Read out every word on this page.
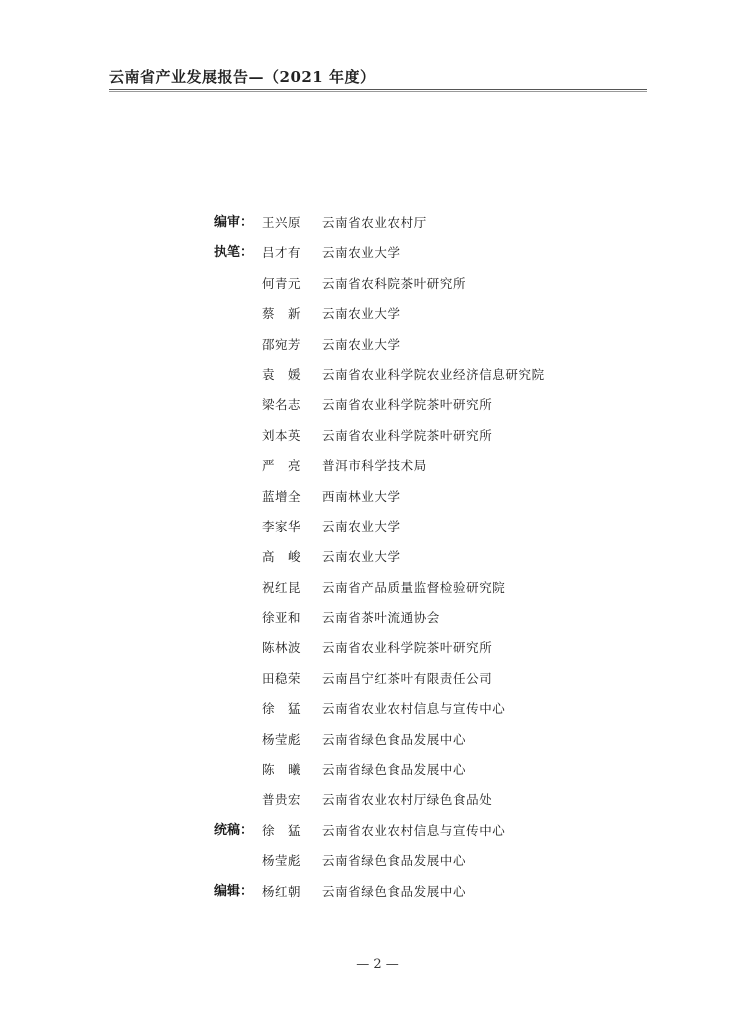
云南省产业发展报告—（2021 年度）
编审： 王兴原	云南省农业农村厅
执笔： 吕才有	云南农业大学
何青元	云南省农科院茶叶研究所
蔡　新	云南农业大学
邵宛芳	云南农业大学
袁　媛	云南省农业科学院农业经济信息研究院
梁名志	云南省农业科学院茶叶研究所
刘本英	云南省农业科学院茶叶研究所
严　亮	普洱市科学技术局
蓝增全	西南林业大学
李家华	云南农业大学
高　峻	云南农业大学
祝红昆	云南省产品质量监督检验研究院
徐亚和	云南省茶叶流通协会
陈林波	云南省农业科学院茶叶研究所
田稳荣	云南昌宁红茶叶有限责任公司
徐　猛	云南省农业农村信息与宣传中心
杨莹彪	云南省绿色食品发展中心
陈　曦	云南省绿色食品发展中心
普贵宏	云南省农业农村厅绿色食品处
统稿： 徐　猛	云南省农业农村信息与宣传中心
杨莹彪	云南省绿色食品发展中心
编辑： 杨红朝	云南省绿色食品发展中心
— 2 —
